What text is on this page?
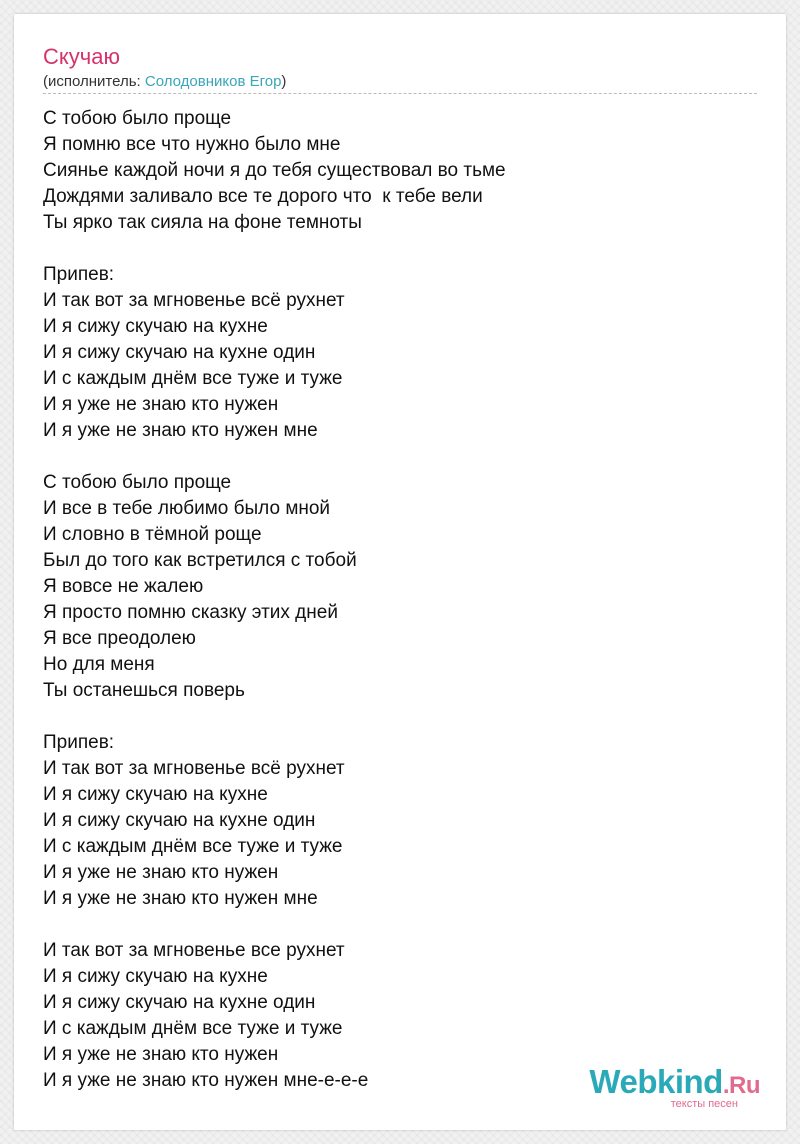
Скучаю
(исполнитель: Солодовников Егор)
С тобою было проще
Я помню все что нужно было мне
Сиянье каждой ночи я до тебя существовал во тьме
Дождями заливало все те дорого что  к тебе вели
Ты ярко так сияла на фоне темноты
Припев:
И так вот за мгновенье всё рухнет
И я сижу скучаю на кухне
И я сижу скучаю на кухне один
И с каждым днём все туже и туже
И я уже не знаю кто нужен
И я уже не знаю кто нужен мне
С тобою было проще
И все в тебе любимо было мной
И словно в тёмной роще
Был до того как встретился с тобой
Я вовсе не жалею
Я просто помню сказку этих дней
Я все преодолею
Но для меня
Ты останешься поверь
Припев:
И так вот за мгновенье всё рухнет
И я сижу скучаю на кухне
И я сижу скучаю на кухне один
И с каждым днём все туже и туже
И я уже не знаю кто нужен
И я уже не знаю кто нужен мне
И так вот за мгновенье все рухнет
И я сижу скучаю на кухне
И я сижу скучаю на кухне один
И с каждым днём все туже и туже
И я уже не знаю кто нужен
И я уже не знаю кто нужен мне-е-е-е	Webkind.Ru
тексты песен
